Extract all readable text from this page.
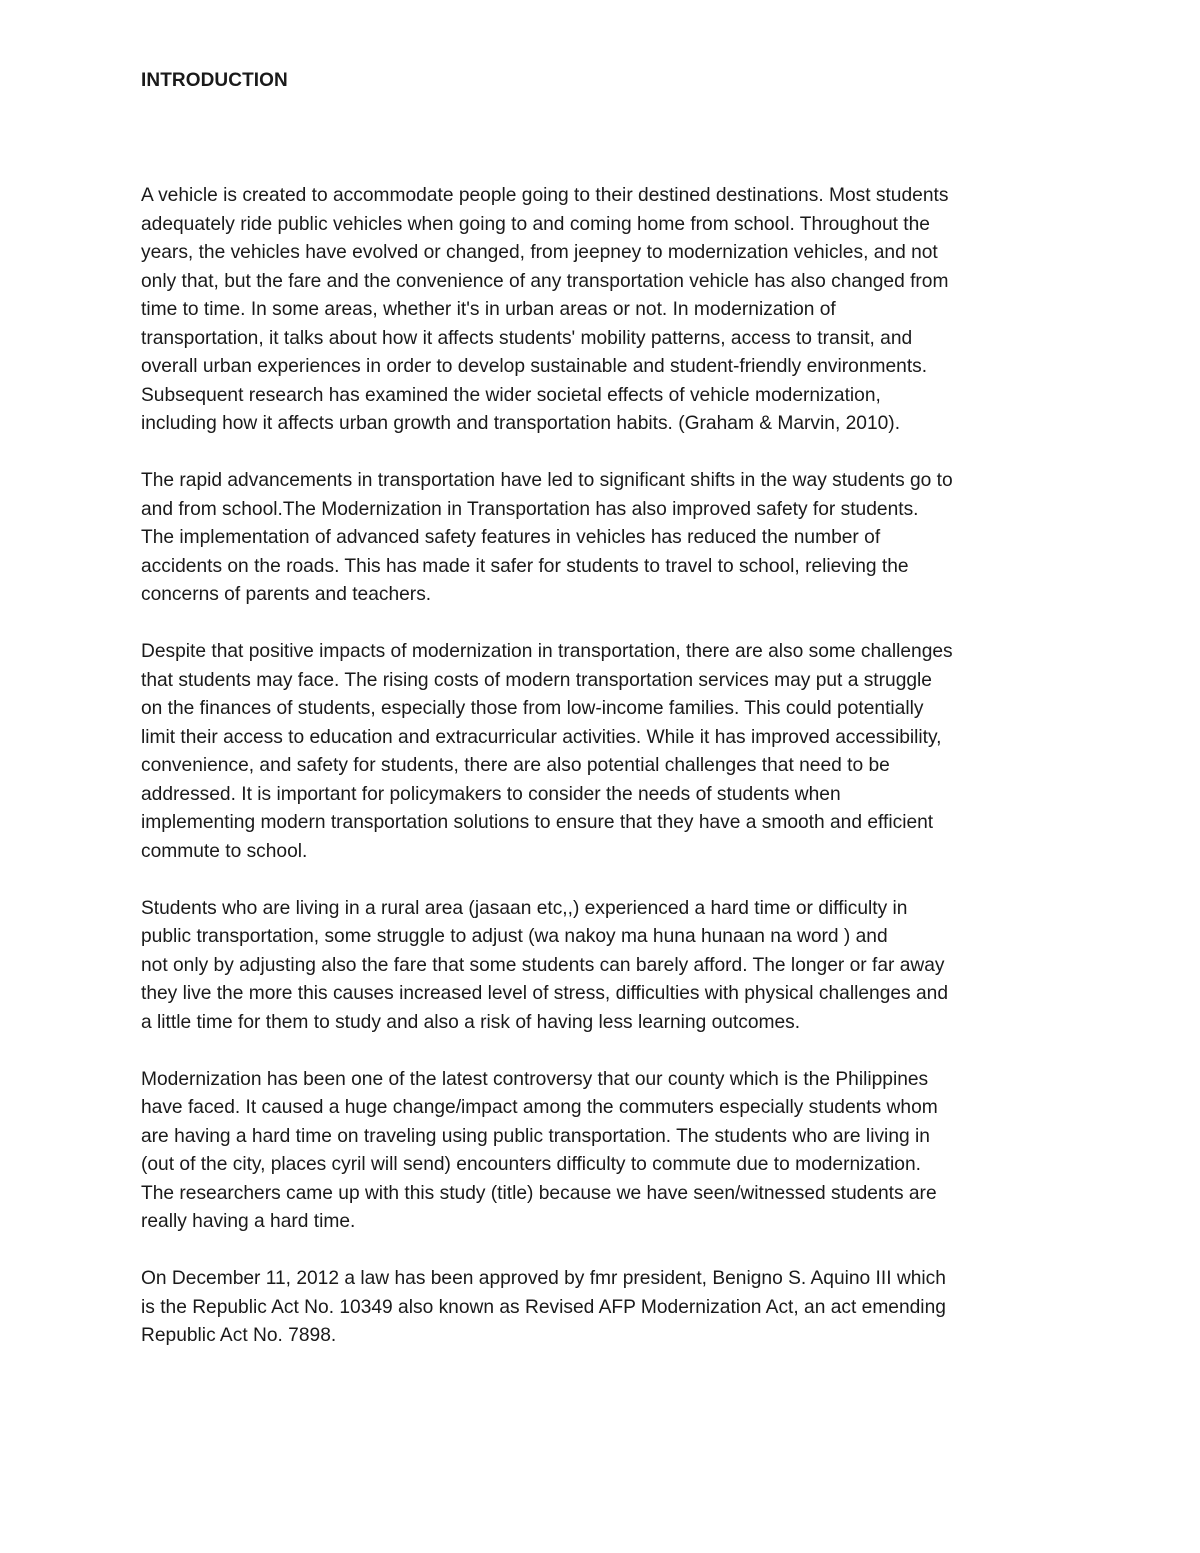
INTRODUCTION

A vehicle is created to accommodate people going to their destined destinations. Most students
adequately ride public vehicles when going to and coming home from school. Throughout the
years, the vehicles have evolved or changed, from jeepney to modernization vehicles, and not
only that, but the fare and the convenience of any transportation vehicle has also changed from
time to time. In some areas, whether it's in urban areas or not. In modernization of
transportation, it talks about how it affects students' mobility patterns, access to transit, and
overall urban experiences in order to develop sustainable and student-friendly environments.
Subsequent research has examined the wider societal effects of vehicle modernization,
including how it affects urban growth and transportation habits. (Graham & Marvin, 2010).

The rapid advancements in transportation have led to significant shifts in the way students go to
and from school.The Modernization in Transportation has also improved safety for students.
The implementation of advanced safety features in vehicles has reduced the number of
accidents on the roads. This has made it safer for students to travel to school, relieving the
concerns of parents and teachers.

Despite that positive impacts of modernization in transportation, there are also some challenges
that students may face. The rising costs of modern transportation services may put a struggle
on the finances of students, especially those from low-income families. This could potentially
limit their access to education and extracurricular activities. While it has improved accessibility,
convenience, and safety for students, there are also potential challenges that need to be
addressed. It is important for policymakers to consider the needs of students when
implementing modern transportation solutions to ensure that they have a smooth and efficient
commute to school.

Students who are living in a rural area (jasaan etc,,) experienced a hard time or difficulty in
public transportation, some struggle to adjust (wa nakoy ma huna hunaan na word ) and
not only by adjusting also the fare that some students can barely afford. The longer or far away
they live the more this causes increased level of stress, difficulties with physical challenges and
a little time for them to study and also a risk of having less learning outcomes.

Modernization has been one of the latest controversy that our county which is the Philippines
have faced. It caused a huge change/impact among the commuters especially students whom
are having a hard time on traveling using public transportation. The students who are living in
(out of the city, places cyril will send) encounters difficulty to commute due to modernization.
The researchers came up with this study (title) because we have seen/witnessed students are
really having a hard time.

On December 11, 2012 a law has been approved by fmr president, Benigno S. Aquino III which
is the Republic Act No. 10349 also known as Revised AFP Modernization Act, an act emending
Republic Act No. 7898.
